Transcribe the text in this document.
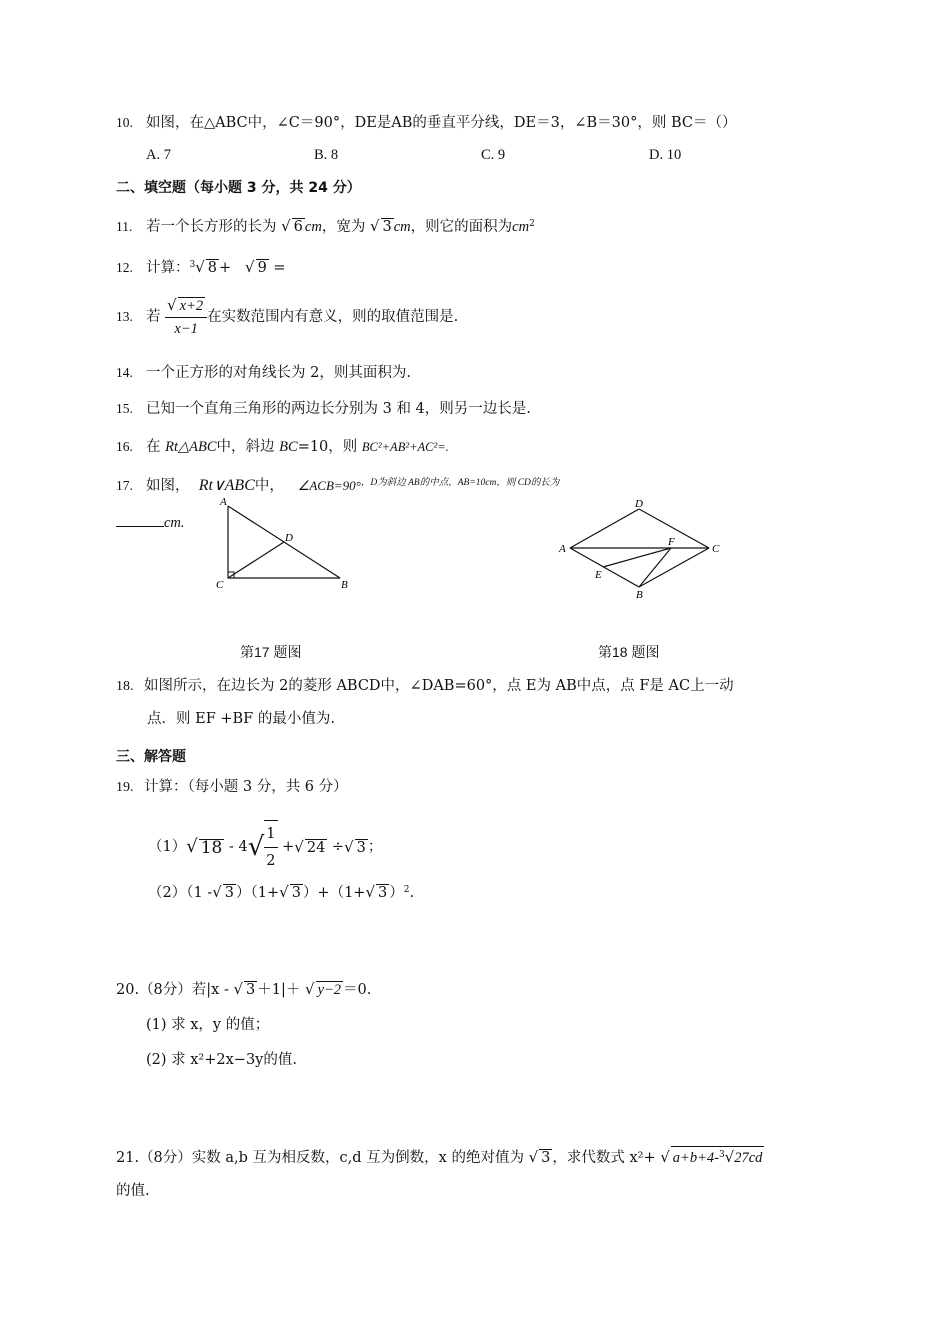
10. 如图，在△ABC中，∠C＝90°，DE是AB的垂直平分线，DE＝3，∠B＝30°，则 BC＝（）
A. 7	B. 8	C. 9	D. 10
二、填空题（每小题 3 分，共 24 分）
11. 若一个长方形的长为 √ 6 cm，宽为 √ 3 cm，则它的面积为$cm^2$
12. 计算：$^3$√ 8 + √ 9 =
13. 若 $\frac{√ x+2}{x-1}$ 在实数范围内有意义，则的取值范围是.
14. 一个正方形的对角线长为 2，则其面积为.
15. 已知一个直角三角形的两边长分别为 3 和 4，则另一边长是.
16. 在 Rt△ABC中，斜边 BC=10，则 BC²+AB²+AC²=.
17. 如图， Rt∨ABC中， ∠ACB=90°$^{,D为斜边 AB的中点,AB=10cm,则 CD的长为}$
cm.
A
D
C	B
D
A
F
C
E
B
第17 题图	第18 题图
18. 如图所示，在边长为 2的菱形 ABCD中，∠DAB=60°，点 E为 AB中点，点 F是 AC上一动
点．则 EF +BF 的最小值为.
三、解答题
19. 计算：（每小题 3 分，共 6 分）
（1）√ $18 - 4√ \frac{1}{2}$ +√ 24 ÷√ 3 ；
（2）（1 -√ 3 ）（1+√ 3 ）+（1+√ 3 ）$^2$.
20.（8分）若|x - √ 3 ＋1|＋ √ y−2 ＝0.
(1) 求 x，y 的值；
(2) 求 x²+2x−3y的值.
21.（8分）实数 a,b 互为相反数，c,d 互为倒数，x 的绝对值为 √ 3 ，求代数式 x²+ √ a+b+4-$^3$√27cd
的值.
